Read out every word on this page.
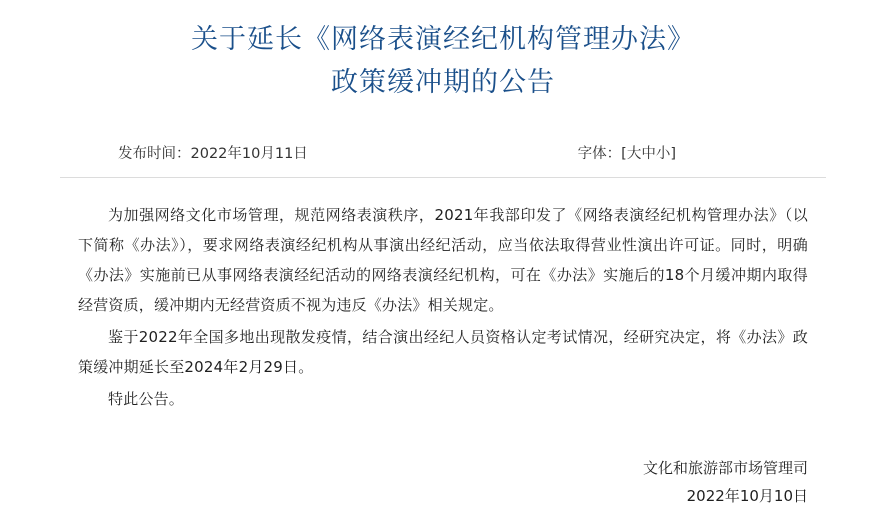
关于延长《网络表演经纪机构管理办法》
政策缓冲期的公告
发布时间：2022年10月11日	字体：[大中小]

为加强网络文化市场管理，规范网络表演秩序，2021年我部印发了《网络表演经纪机构管理办法》（以下简称《办法》），要求网络表演经纪机构从事演出经纪活动，应当依法取得营业性演出许可证。同时，明确《办法》实施前已从事网络表演经纪活动的网络表演经纪机构，可在《办法》实施后的18个月缓冲期内取得经营资质，缓冲期内无经营资质不视为违反《办法》相关规定。

鉴于2022年全国多地出现散发疫情，结合演出经纪人员资格认定考试情况，经研究决定，将《办法》政策缓冲期延长至2024年2月29日。

特此公告。

文化和旅游部市场管理司
2022年10月10日
